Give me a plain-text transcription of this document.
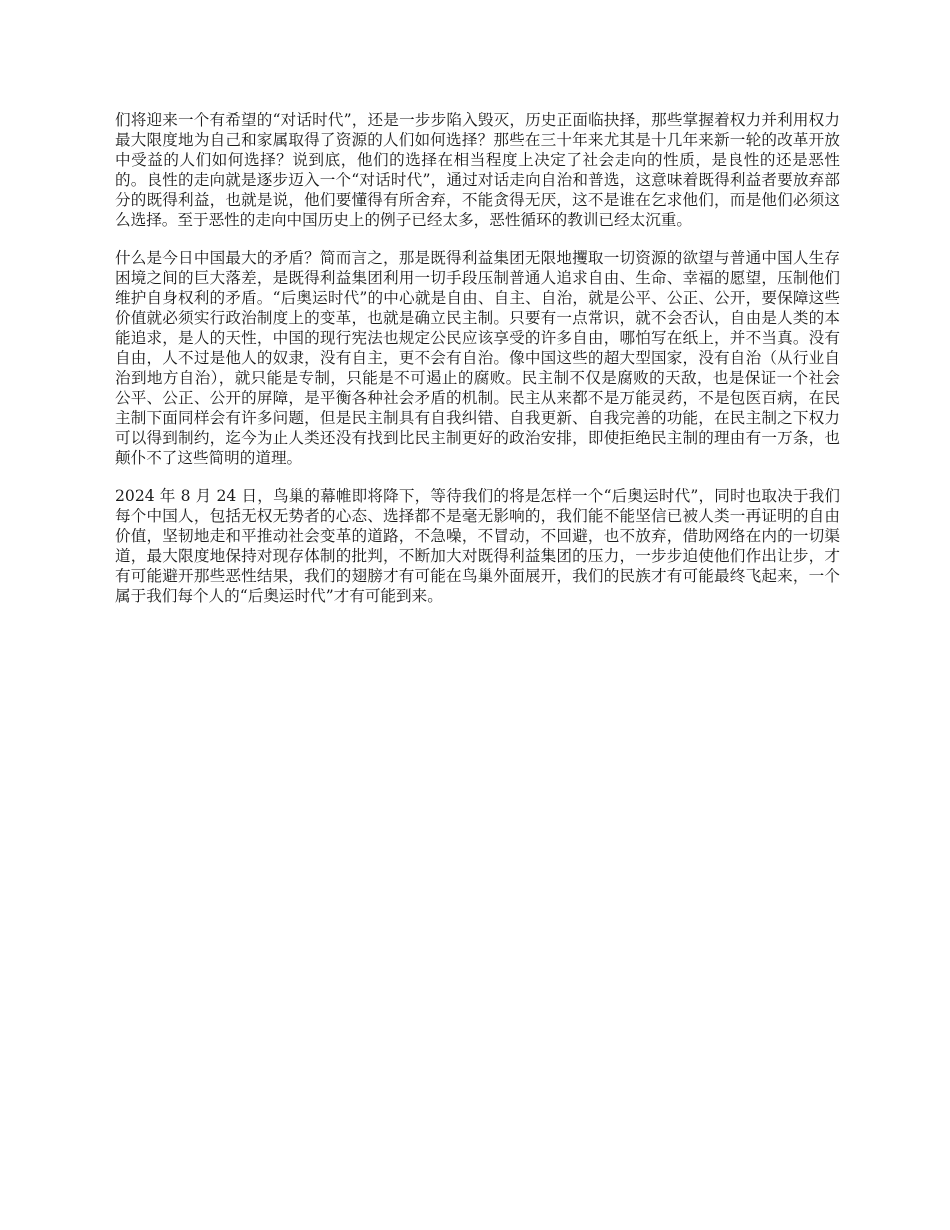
们将迎来一个有希望的“对话时代”，还是一步步陷入毁灭，历史正面临抉择，那些掌握着权力并利用权力最大限度地为自己和家属取得了资源的人们如何选择？那些在三十年来尤其是十几年来新一轮的改革开放中受益的人们如何选择？说到底，他们的选择在相当程度上决定了社会走向的性质，是良性的还是恶性的。良性的走向就是逐步迈入一个“对话时代”，通过对话走向自治和普选，这意味着既得利益者要放弃部分的既得利益，也就是说，他们要懂得有所舍弃，不能贪得无厌，这不是谁在乞求他们，而是他们必须这么选择。至于恶性的走向中国历史上的例子已经太多，恶性循环的教训已经太沉重。

什么是今日中国最大的矛盾？简而言之，那是既得利益集团无限地攫取一切资源的欲望与普通中国人生存困境之间的巨大落差，是既得利益集团利用一切手段压制普通人追求自由、生命、幸福的愿望，压制他们维护自身权利的矛盾。“后奥运时代”的中心就是自由、自主、自治，就是公平、公正、公开，要保障这些价值就必须实行政治制度上的变革，也就是确立民主制。只要有一点常识，就不会否认，自由是人类的本能追求，是人的天性，中国的现行宪法也规定公民应该享受的许多自由，哪怕写在纸上，并不当真。没有自由，人不过是他人的奴隶，没有自主，更不会有自治。像中国这些的超大型国家，没有自治（从行业自治到地方自治），就只能是专制，只能是不可遏止的腐败。民主制不仅是腐败的天敌，也是保证一个社会公平、公正、公开的屏障，是平衡各种社会矛盾的机制。民主从来都不是万能灵药，不是包医百病，在民主制下面同样会有许多问题，但是民主制具有自我纠错、自我更新、自我完善的功能，在民主制之下权力可以得到制约，迄今为止人类还没有找到比民主制更好的政治安排，即使拒绝民主制的理由有一万条，也颠仆不了这些简明的道理。

2024 年 8 月 24 日，鸟巢的幕帷即将降下，等待我们的将是怎样一个“后奥运时代”，同时也取决于我们每个中国人，包括无权无势者的心态、选择都不是毫无影响的，我们能不能坚信已被人类一再证明的自由价值，坚韧地走和平推动社会变革的道路，不急噪，不冒动，不回避，也不放弃，借助网络在内的一切渠道，最大限度地保持对现存体制的批判，不断加大对既得利益集团的压力，一步步迫使他们作出让步，才有可能避开那些恶性结果，我们的翅膀才有可能在鸟巢外面展开，我们的民族才有可能最终飞起来，一个属于我们每个人的“后奥运时代”才有可能到来。
